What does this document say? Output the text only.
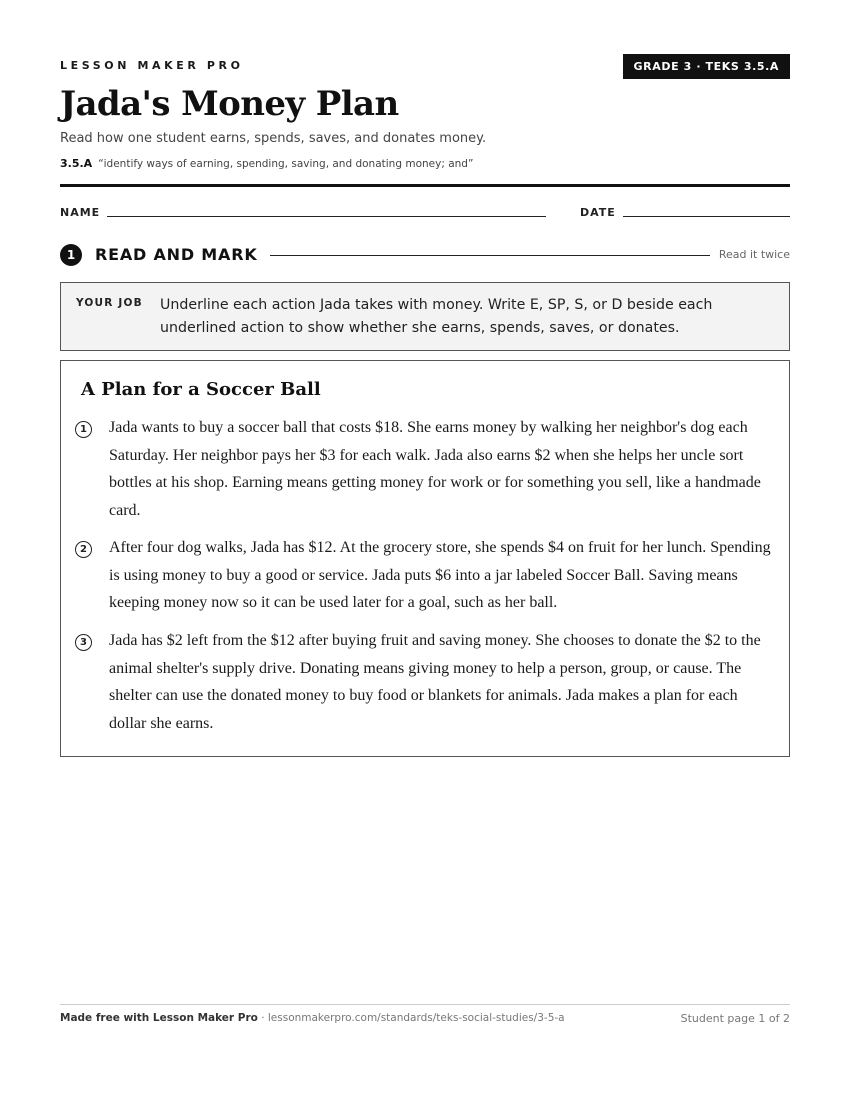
LESSON MAKER PRO	GRADE 3 · TEKS 3.5.A
Jada's Money Plan
Read how one student earns, spends, saves, and donates money.
3.5.A “identify ways of earning, spending, saving, and donating money; and”
NAME	DATE
1	READ AND MARK	Read it twice
YOUR JOB Underline each action Jada takes with money. Write E, SP, S, or D beside each underlined action to show whether she earns, spends, saves, or donates.
A Plan for a Soccer Ball
1	Jada wants to buy a soccer ball that costs $18. She earns money by walking her neighbor's dog each Saturday. Her neighbor pays her $3 for each walk. Jada also earns $2 when she helps her uncle sort bottles at his shop. Earning means getting money for work or for something you sell, like a handmade card.
2	After four dog walks, Jada has $12. At the grocery store, she spends $4 on fruit for her lunch. Spending is using money to buy a good or service. Jada puts $6 into a jar labeled Soccer Ball. Saving means keeping money now so it can be used later for a goal, such as her ball.
3	Jada has $2 left from the $12 after buying fruit and saving money. She chooses to donate the $2 to the animal shelter's supply drive. Donating means giving money to help a person, group, or cause. The shelter can use the donated money to buy food or blankets for animals. Jada makes a plan for each dollar she earns.
Made free with Lesson Maker Pro · lessonmakerpro.com/standards/teks-social-studies/3-5-a	Student page 1 of 2
